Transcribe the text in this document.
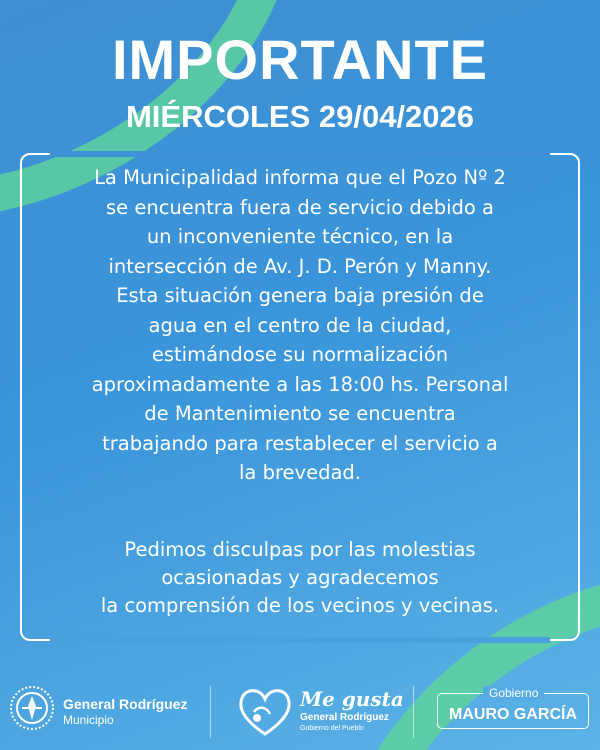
IMPORTANTE
MIÉRCOLES 29/04/2026
La Municipalidad informa que el Pozo Nº 2
se encuentra fuera de servicio debido a
un inconveniente técnico, en la
intersección de Av. J. D. Perón y Manny.
Esta situación genera baja presión de
agua en el centro de la ciudad,
estimándose su normalización
aproximadamente a las 18:00 hs. Personal
de Mantenimiento se encuentra
trabajando para restablecer el servicio a
la brevedad.
Pedimos disculpas por las molestias
ocasionadas y agradecemos
la comprensión de los vecinos y vecinas.
General Rodríguez
Municipio
Me gusta
General Rodríguez
Gobierno del Pueblo
Gobierno
MAURO GARCÍA
